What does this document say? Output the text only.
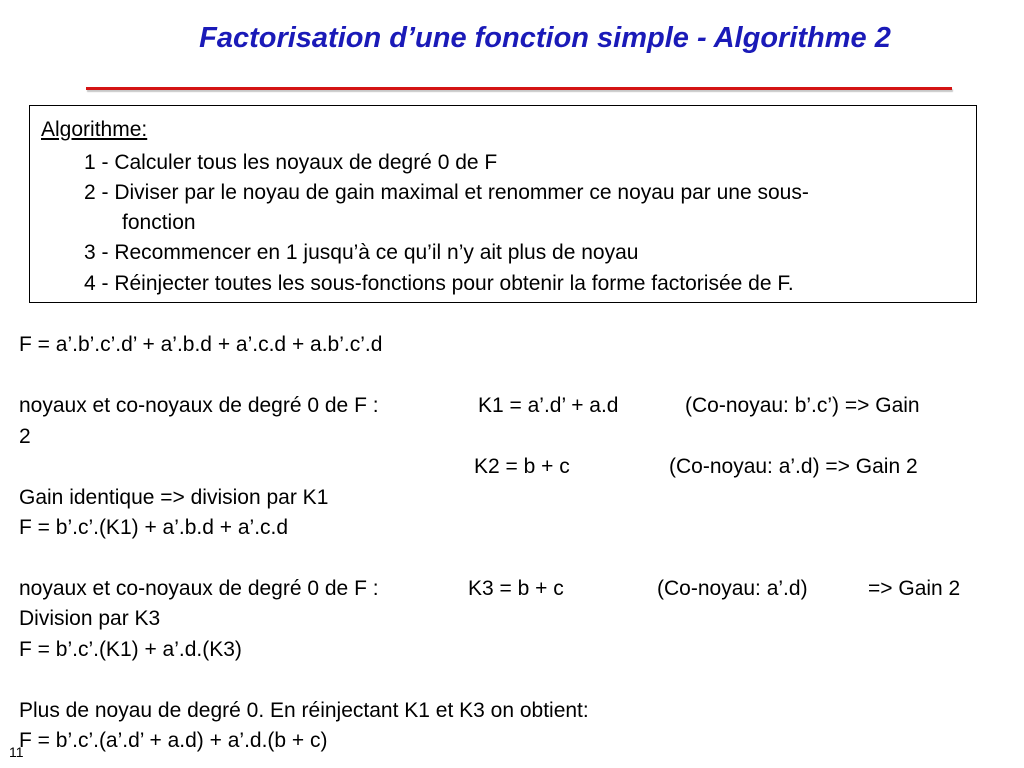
Factorisation d’une fonction simple - Algorithme 2
Algorithme:
1 - Calculer tous les noyaux de degré 0 de F
2 - Diviser par le noyau de gain maximal et renommer ce noyau par une sous-
fonction
3 - Recommencer en 1 jusqu’à ce qu’il n’y ait plus de noyau
4 - Réinjecter toutes les sous-fonctions pour obtenir la forme factorisée de F.
F = a’.b’.c’.d’ + a’.b.d + a’.c.d + a.b’.c’.d
noyaux et co-noyaux de degré 0 de F :	K1 = a’.d’ + a.d	(Co-noyau: b’.c’) => Gain
2
K2 = b + c	(Co-noyau: a’.d) => Gain 2
Gain identique => division par K1
F = b’.c’.(K1) + a’.b.d + a’.c.d
noyaux et co-noyaux de degré 0 de F :	K3 = b + c	(Co-noyau: a’.d)	=> Gain 2
Division par K3
F = b’.c’.(K1) + a’.d.(K3)
Plus de noyau de degré 0. En réinjectant K1 et K3 on obtient:
F = b’.c’.(a’.d’ + a.d) + a’.d.(b + c)
11
